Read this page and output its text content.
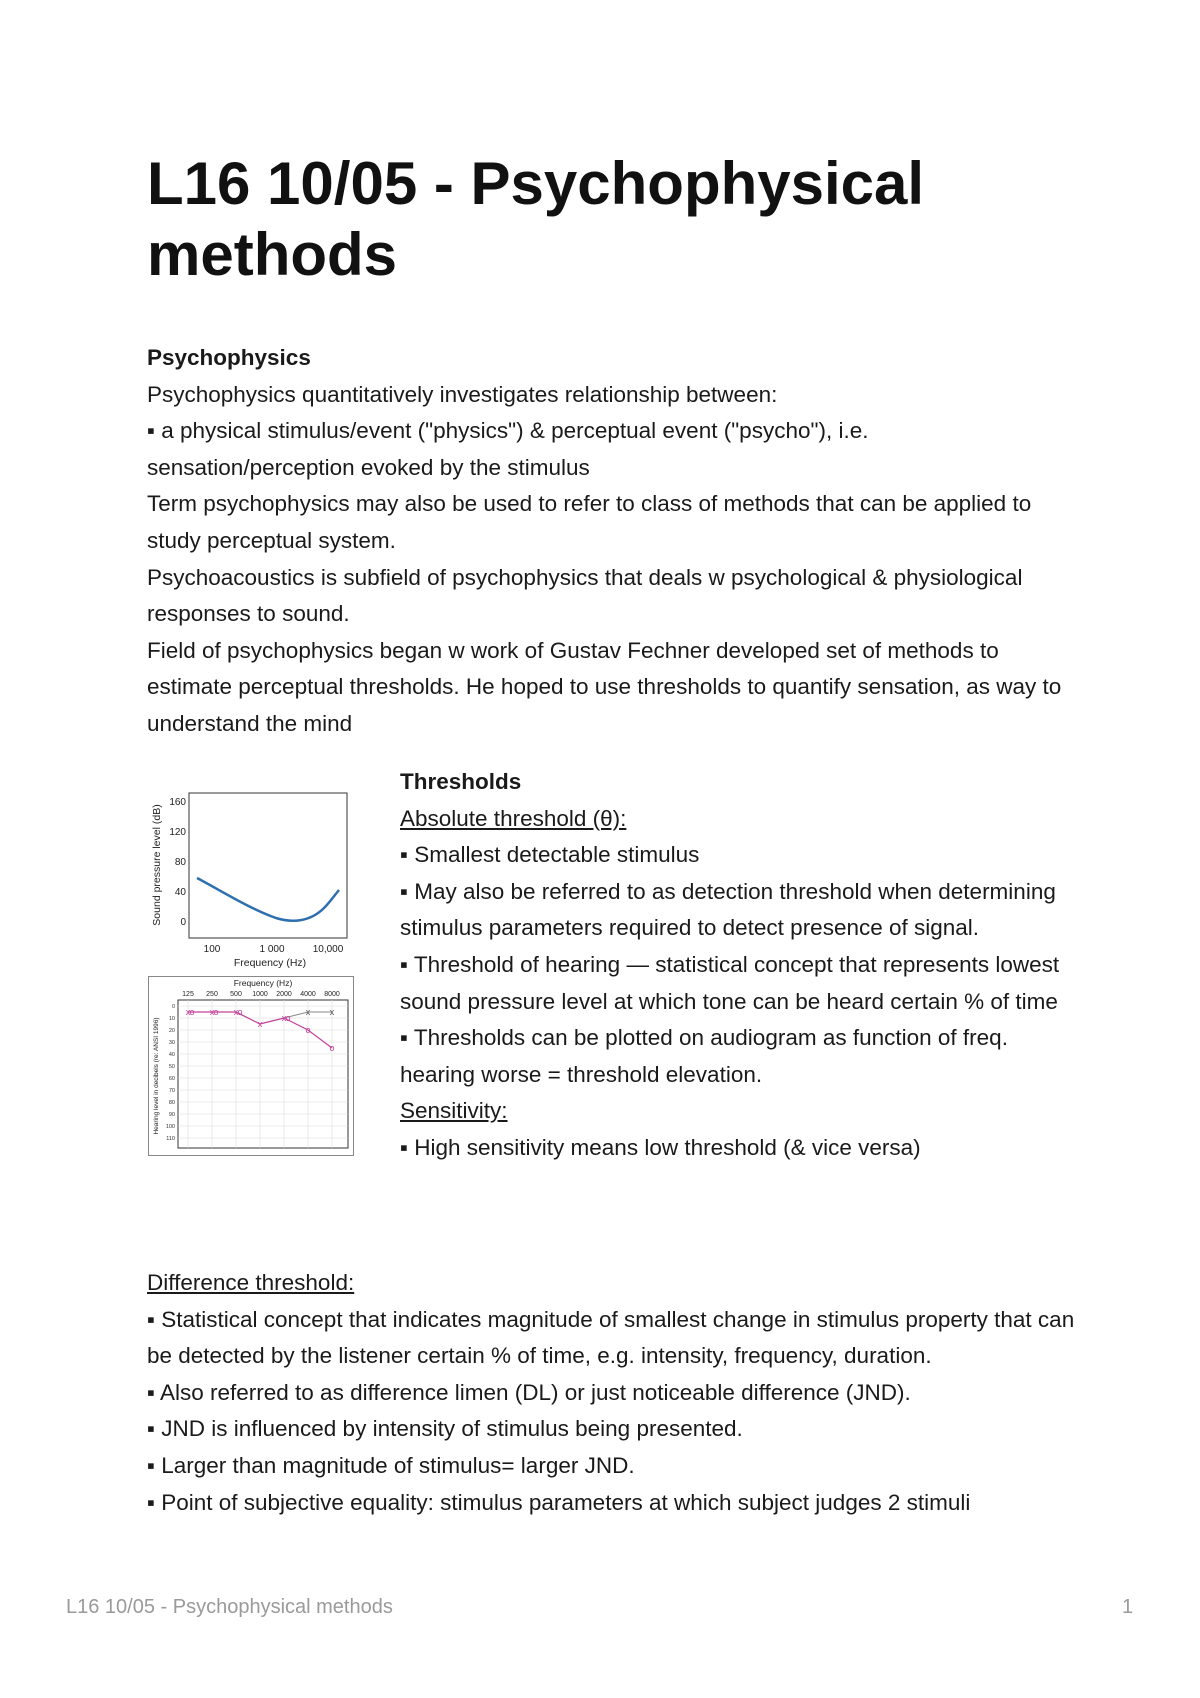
L16 10/05 - Psychophysical methods

Psychophysics

Psychophysics quantitatively investigates relationship between:

▪ a physical stimulus/event ("physics") & perceptual event ("psycho"), i.e. sensation/perception evoked by the stimulus

Term psychophysics may also be used to refer to class of methods that can be applied to study perceptual system.

Psychoacoustics is subfield of psychophysics that deals w psychological & physiological responses to sound.

Field of psychophysics began w work of Gustav Fechner developed set of methods to estimate perceptual thresholds. He hoped to use thresholds to quantify sensation, as way to understand the mind

Sound pressure level (dB)
160
120
80
40
0
100	1 000	10,000
Frequency (Hz)
Frequency (Hz)
125 250 500 1000 2000 4000 8000
Hearing level in decibels (re: ANSI 1996)
0
10
20
30
40
50
60
70
80
90
100
110
x x x
x
x
x x
o o o
o
o
o

Thresholds

Absolute threshold (θ):

▪ Smallest detectable stimulus

▪ May also be referred to as detection threshold when determining stimulus parameters required to detect presence of signal.

▪ Threshold of hearing — statistical concept that represents lowest sound pressure level at which tone can be heard certain % of time

▪ Thresholds can be plotted on audiogram as function of freq. hearing worse = threshold elevation.

Sensitivity:

▪ High sensitivity means low threshold (& vice versa)

Difference threshold:

▪ Statistical concept that indicates magnitude of smallest change in stimulus property that can be detected by the listener certain % of time, e.g. intensity, frequency, duration.

▪ Also referred to as difference limen (DL) or just noticeable difference (JND).

▪ JND is influenced by intensity of stimulus being presented.

▪ Larger than magnitude of stimulus= larger JND.

▪ Point of subjective equality: stimulus parameters at which subject judges 2 stimuli

L16 10/05 - Psychophysical methods	1
